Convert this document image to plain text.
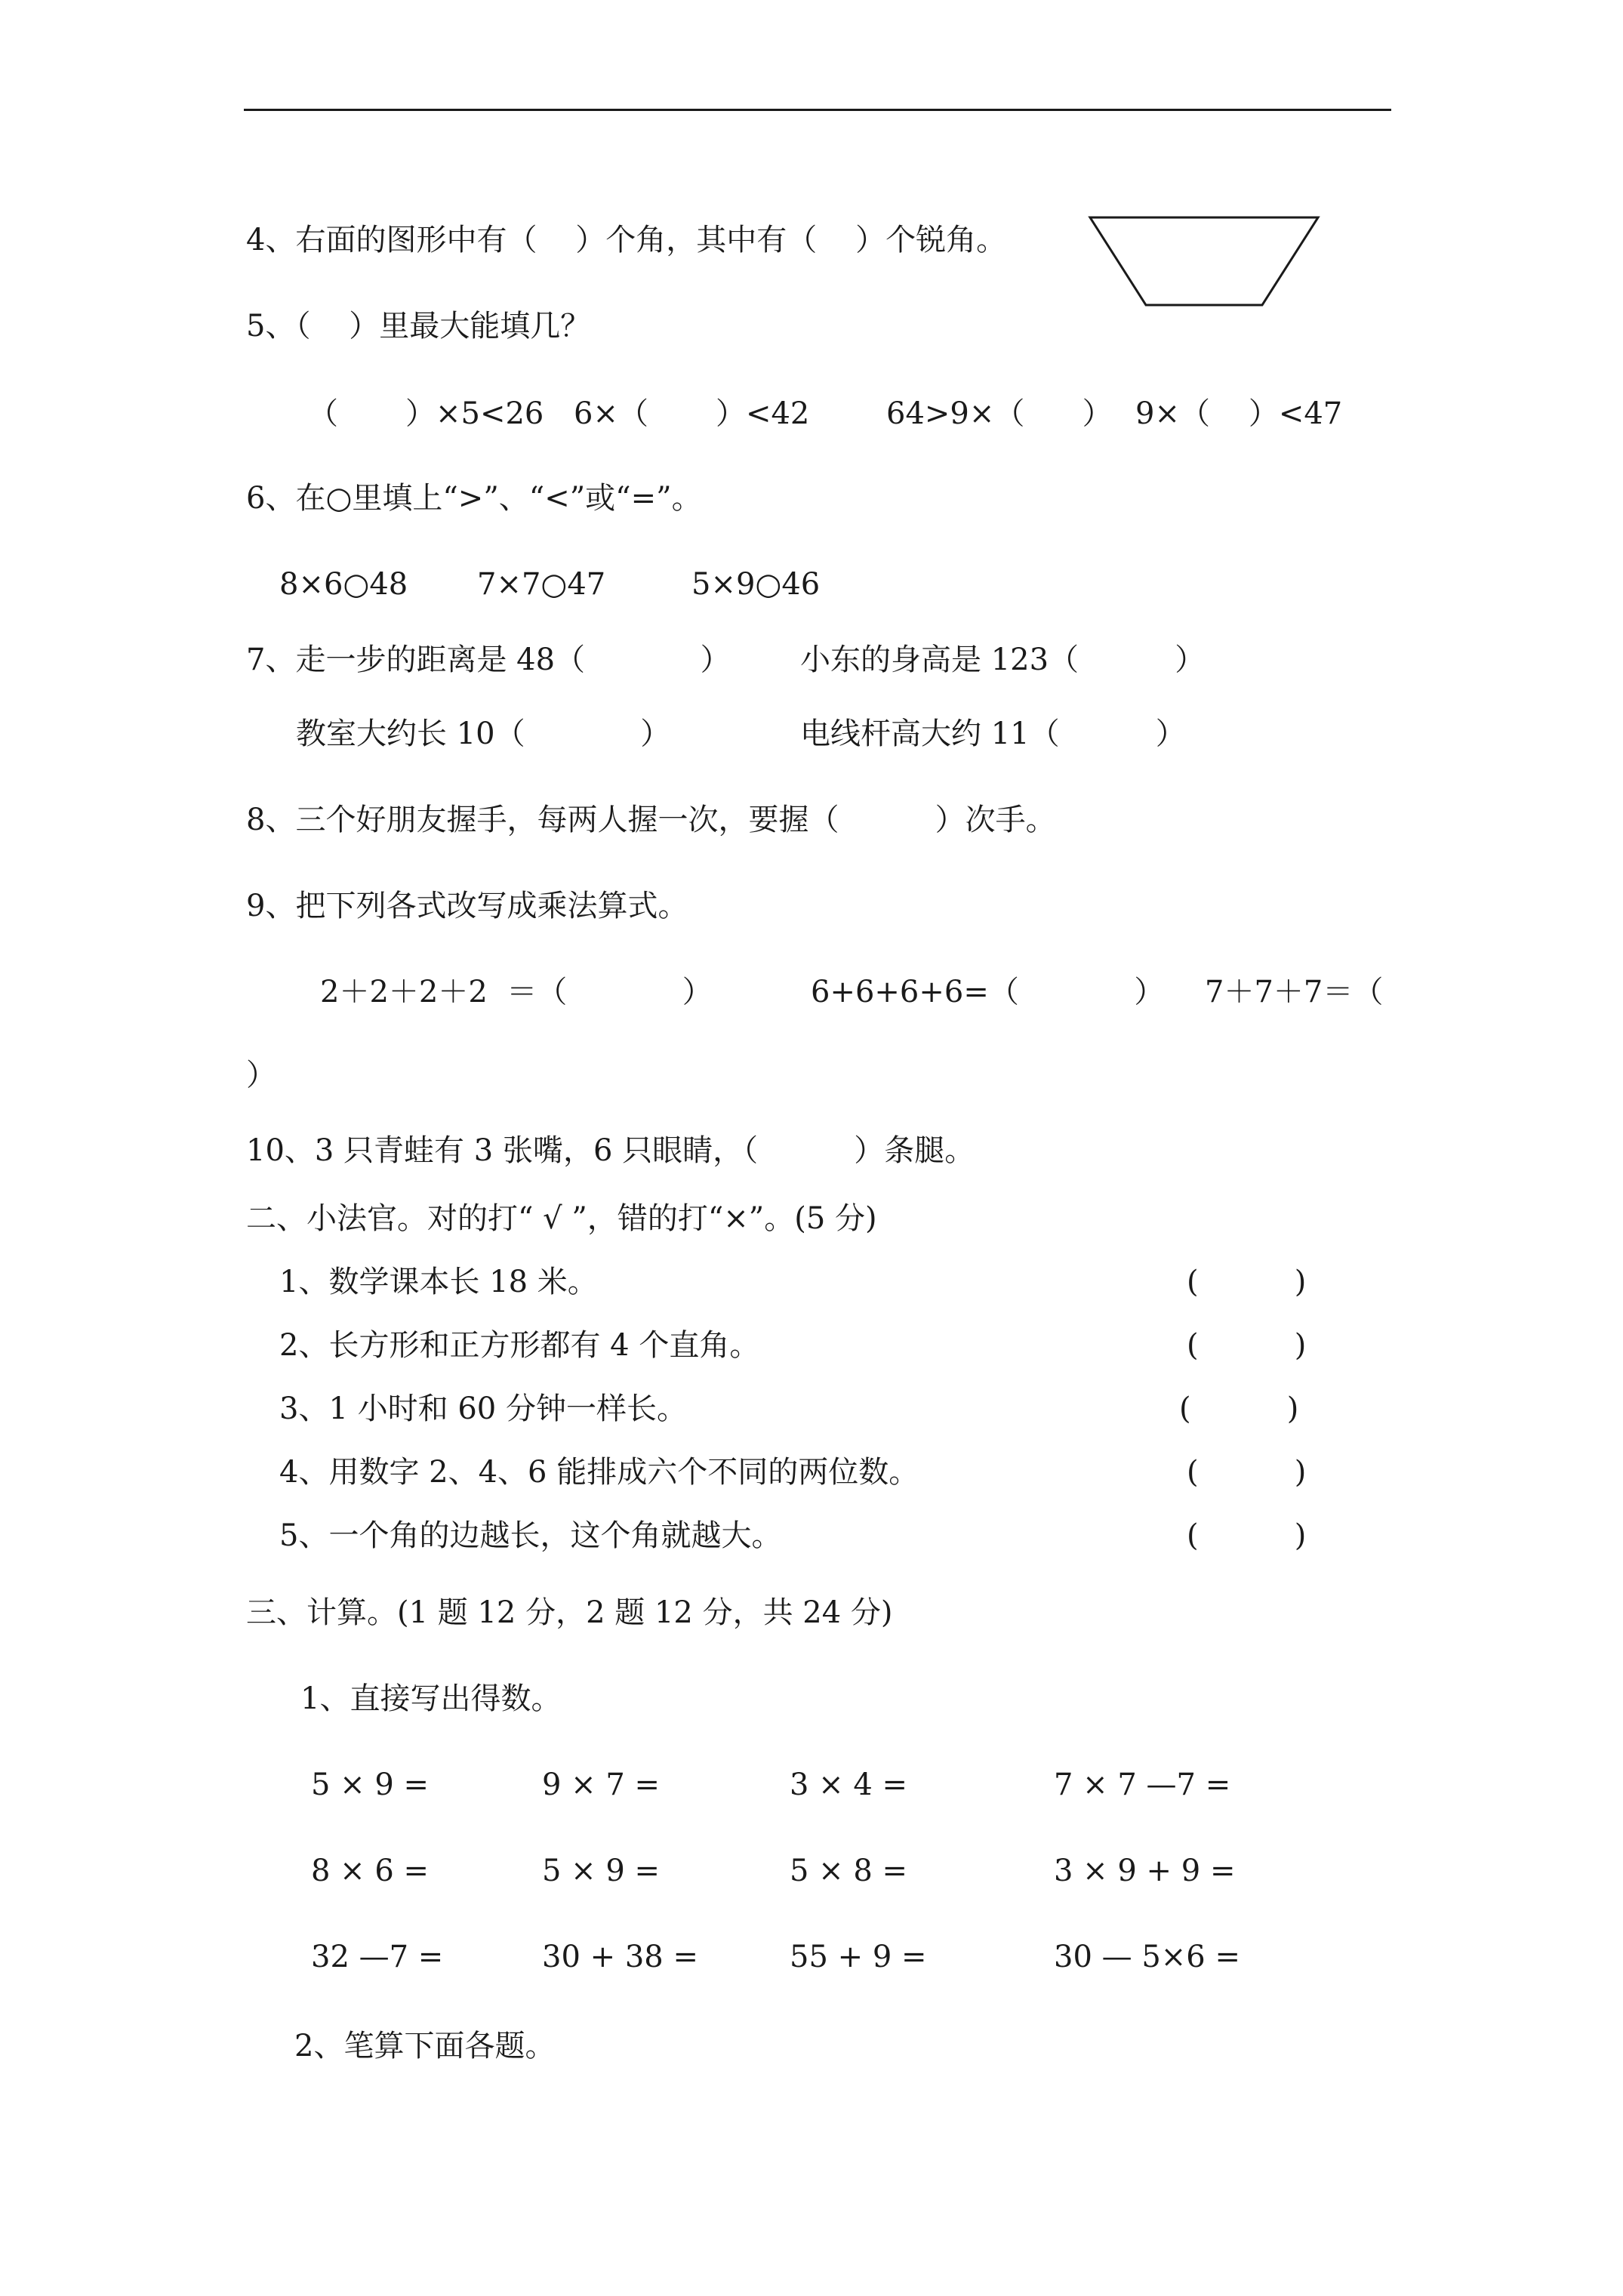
4、右面的图形中有（    ）个角，其中有（    ）个锐角。
5、（    ）里最大能填几？
（       ）×5<26 6×（       ）<42	64>9×（      ） 9×（    ）<47
6、在○里填上“>”、“<”或“=”。
8×6○48 7×7○47	5×9○46
7、走一步的距离是 48（            ） 小东的身高是 123（          ）
教室大约长 10（            ）	电线杆高大约 11（          ）
8、三个好朋友握手，每两人握一次，要握（          ）次手。
9、把下列各式改写成乘法算式。
2＋2＋2＋2  ＝（            ）	6+6+6+6=（            ） 7＋7＋7＝（
）
10、3 只青蛙有 3 张嘴，6 只眼睛，（          ）条腿。
二、小法官。对的打“ √ ”，错的打“×”。(5 分)
1、数学课本长 18 米。	(          )
2、长方形和正方形都有 4 个直角。	(          )
3、1 小时和 60 分钟一样长。	(          )
4、用数字 2、4、6 能排成六个不同的两位数。	(          )
5、一个角的边越长，这个角就越大。	(          )
三、计算。(1 题 12 分，2 题 12 分，共 24 分)
1、直接写出得数。
5 × 9 =	9 × 7 =	3 × 4 =	7 × 7 —7 =
8 × 6 =	5 × 9 =	5 × 8 =	3 × 9 + 9 =
32 —7 =	30 + 38 =	55 + 9 =	30 — 5×6 =
2、笔算下面各题。
